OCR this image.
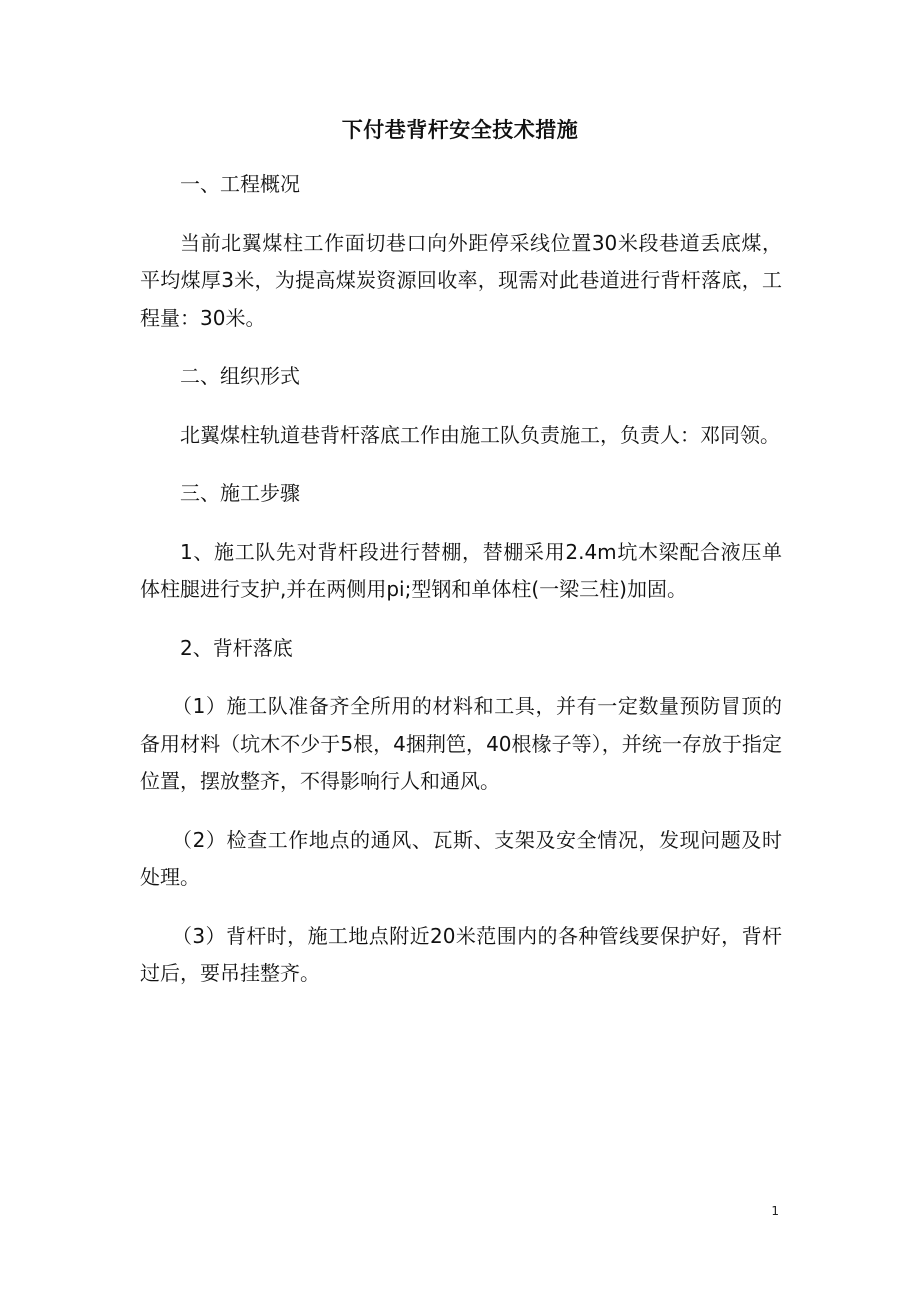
下付巷背杆安全技术措施

一、工程概况

当前北翼煤柱工作面切巷口向外距停采线位置30米段巷道丢底煤，平均煤厚3米，为提高煤炭资源回收率，现需对此巷道进行背杆落底，工程量：30米。

二、组织形式

北翼煤柱轨道巷背杆落底工作由施工队负责施工，负责人：邓同领。

三、施工步骤

1、施工队先对背杆段进行替棚，替棚采用2.4m坑木梁配合液压单体柱腿进行支护,并在两侧用pi;型钢和单体柱(一梁三柱)加固。

2、背杆落底

（1）施工队准备齐全所用的材料和工具，并有一定数量预防冒顶的备用材料（坑木不少于5根，4捆荆笆，40根椽子等），并统一存放于指定位置，摆放整齐，不得影响行人和通风。

（2）检查工作地点的通风、瓦斯、支架及安全情况，发现问题及时处理。

（3）背杆时，施工地点附近20米范围内的各种管线要保护好，背杆过后，要吊挂整齐。

1
